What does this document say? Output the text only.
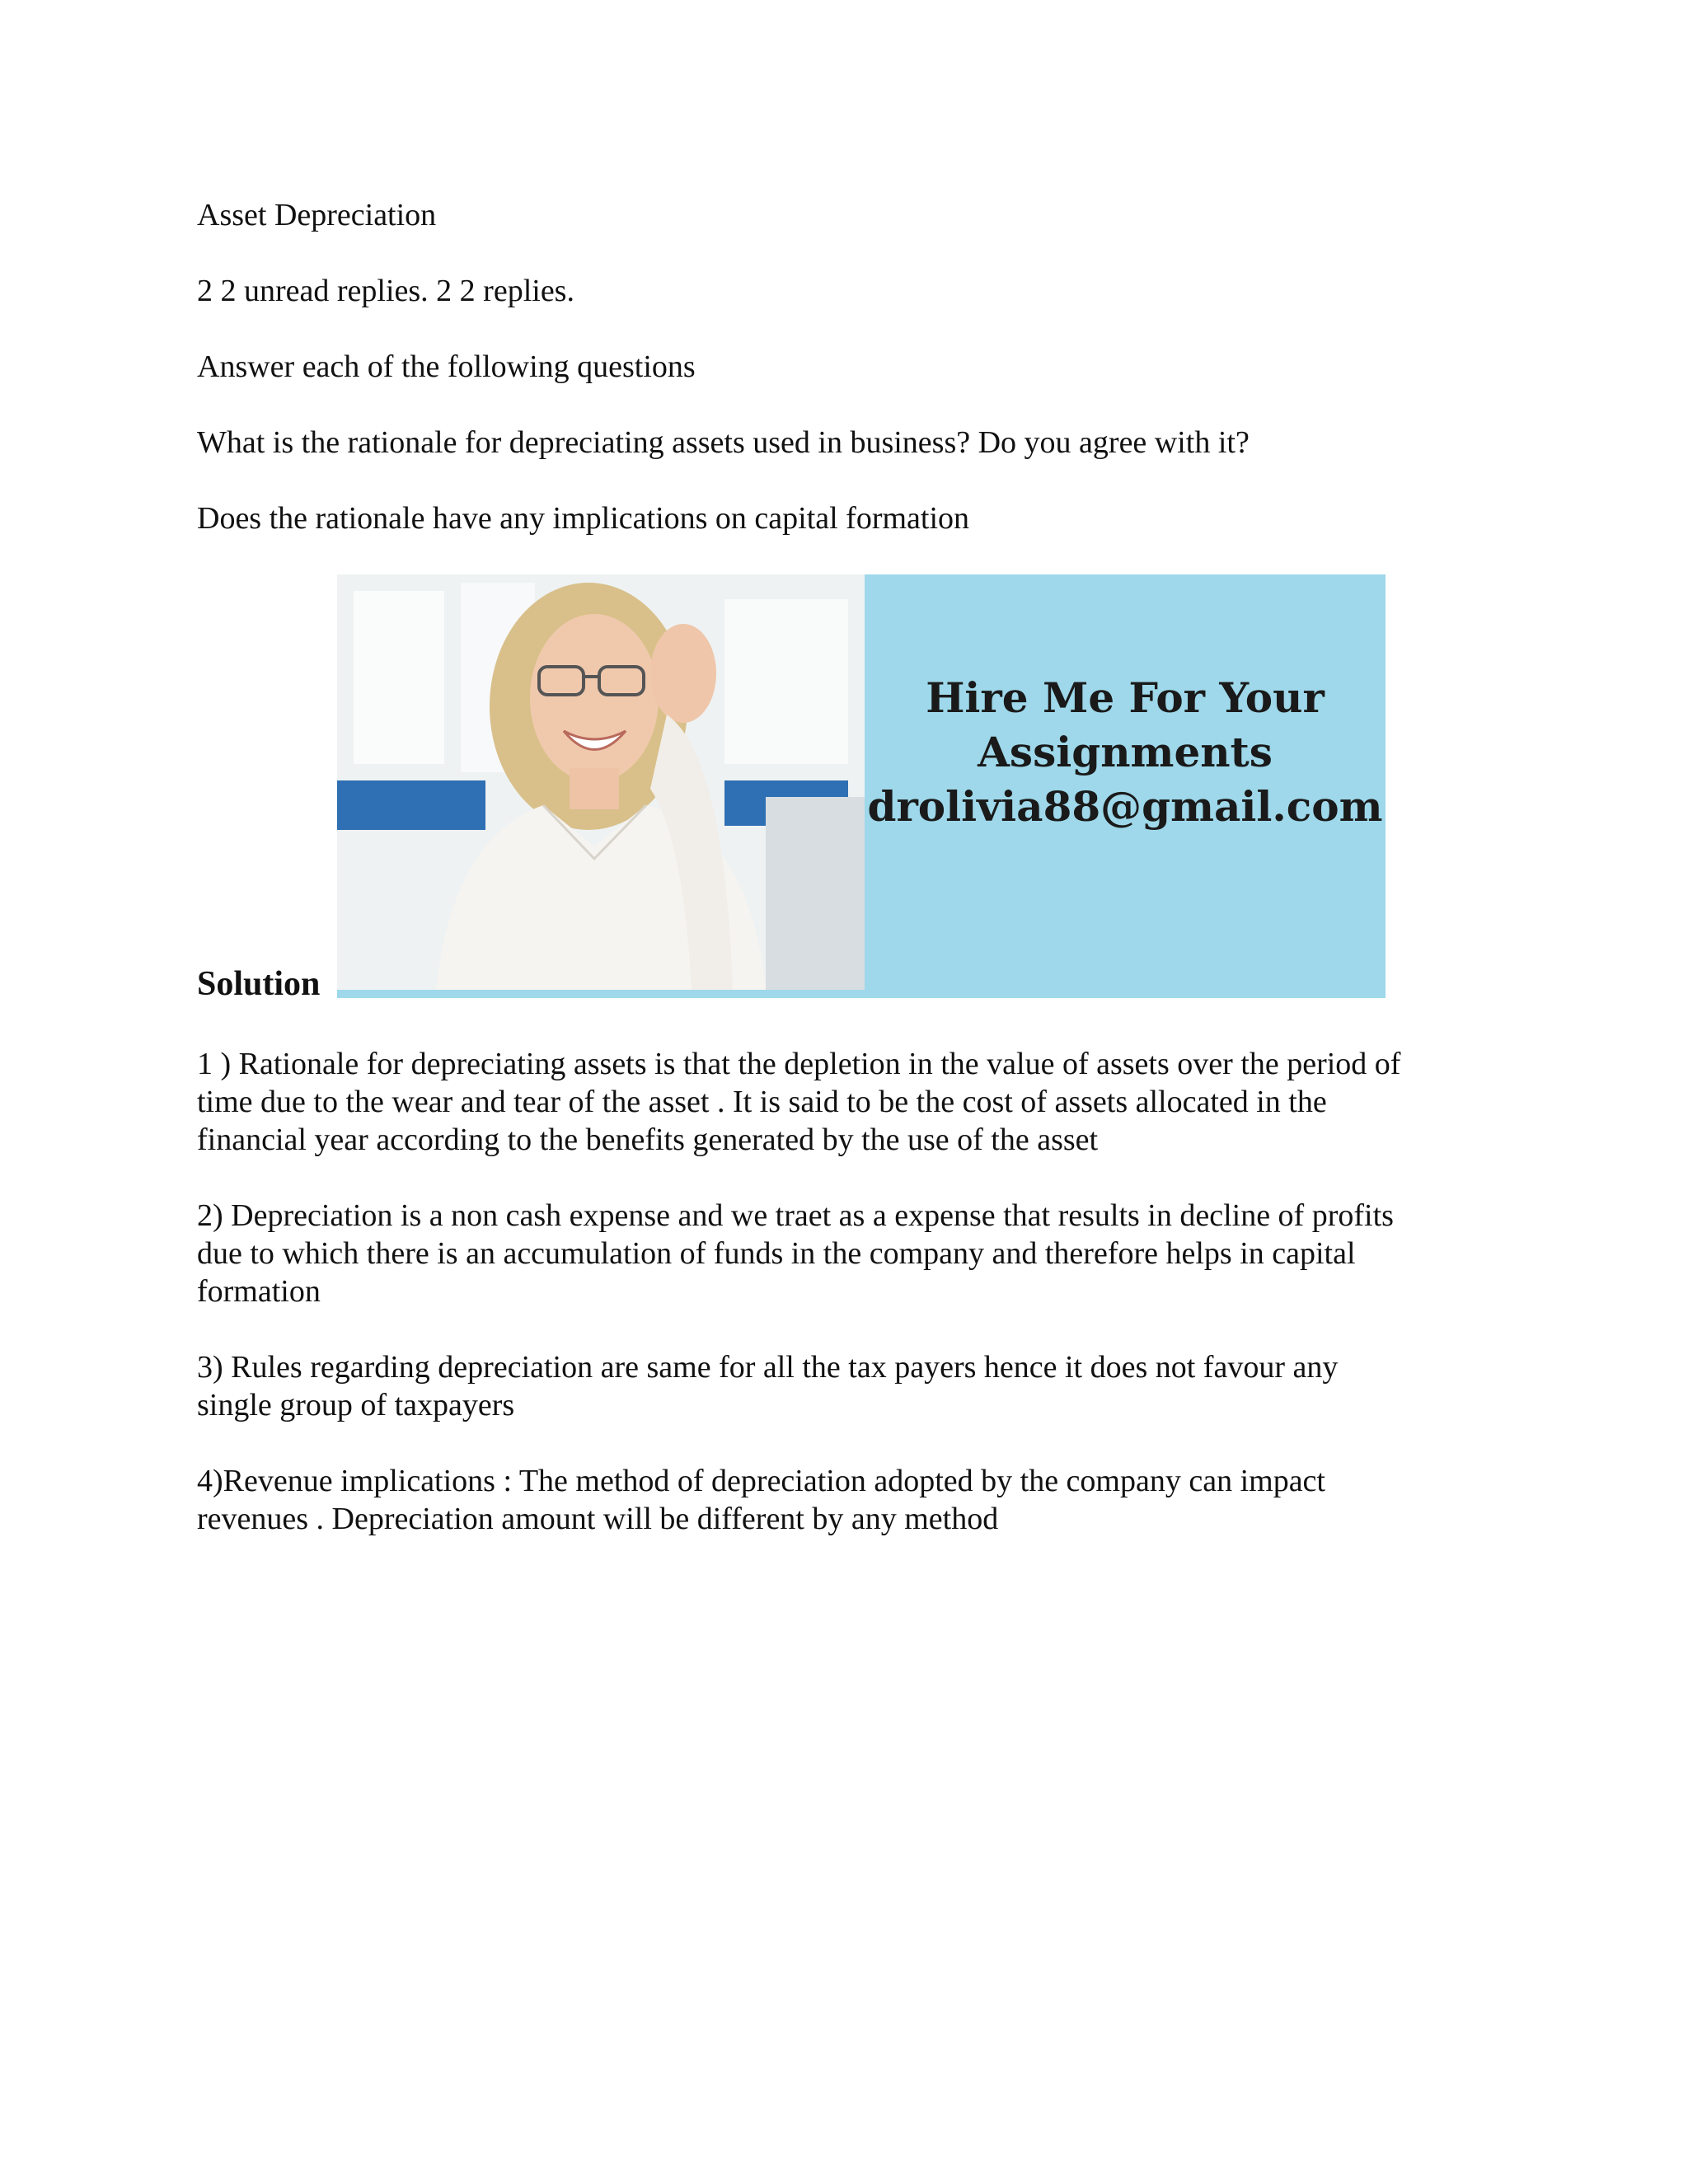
Asset Depreciation

2 2 unread replies. 2 2 replies.

Answer each of the following questions

What is the rationale for depreciating assets used in business? Do you agree with it?

Does the rationale have any implications on capital formation

Solution
Hire Me For Your
Assignments
drolivia88@gmail.com
1 ) Rationale for depreciating assets is that the depletion in the value of assets over the period of
time due to the wear and tear of the asset . It is said to be the cost of assets allocated in the
financial year according to the benefits generated by the use of the asset
2) Depreciation is a non cash expense and we traet as a expense that results in decline of profits
due to which there is an accumulation of funds in the company and therefore helps in capital
formation
3) Rules regarding depreciation are same for all the tax payers hence it does not favour any
single group of taxpayers
4)Revenue implications : The method of depreciation adopted by the company can impact
revenues . Depreciation amount will be different by any method
